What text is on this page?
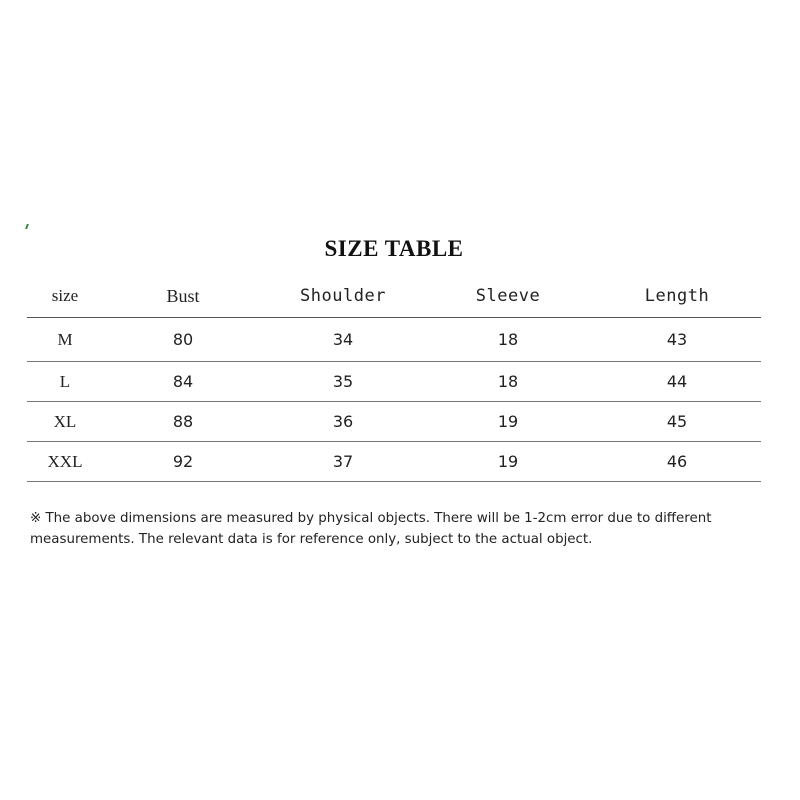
SIZE TABLE
size	Bust	Shoulder	Sleeve	Length
M	80	34	18	43
L	84	35	18	44
XL	88	36	19	45
XXL	92	37	19	46
※ The above dimensions are measured by physical objects. There will be 1-2cm error due to different measurements. The relevant data is for reference only, subject to the actual object.
